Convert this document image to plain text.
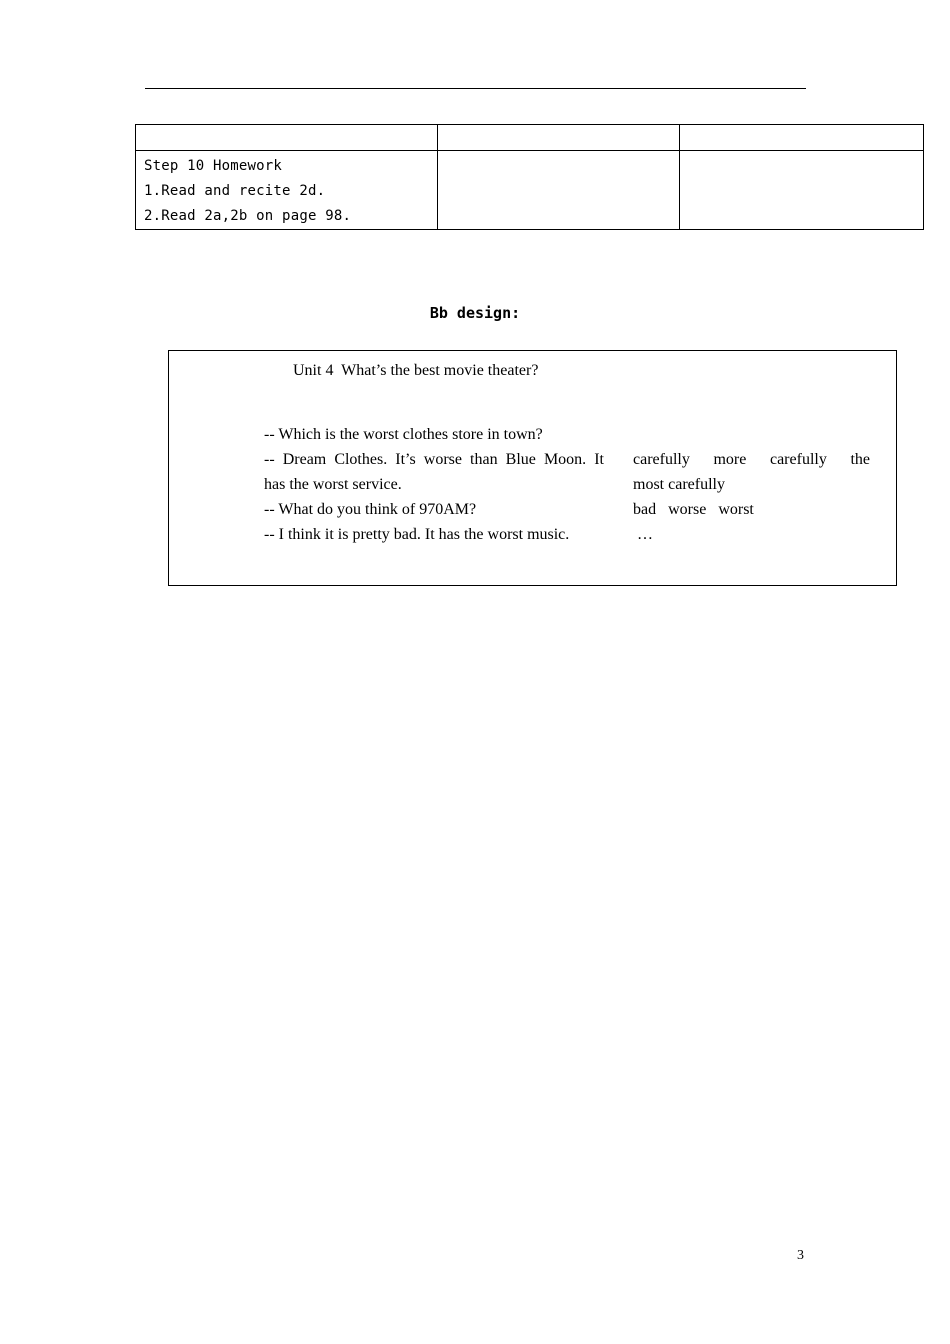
Step 10 Homework
1.Read and recite 2d.
2.Read 2a,2b on page 98.		

Bb design:
Unit 4  What’s the best movie theater?
-- Which is the worst clothes store in town?
-- Dream Clothes. It’s worse than Blue Moon. It
has the worst service.
-- What do you think of 970AM?
-- I think it is pretty bad. It has the worst music.
carefully more carefully the
most carefully
bad   worse   worst
…
3
